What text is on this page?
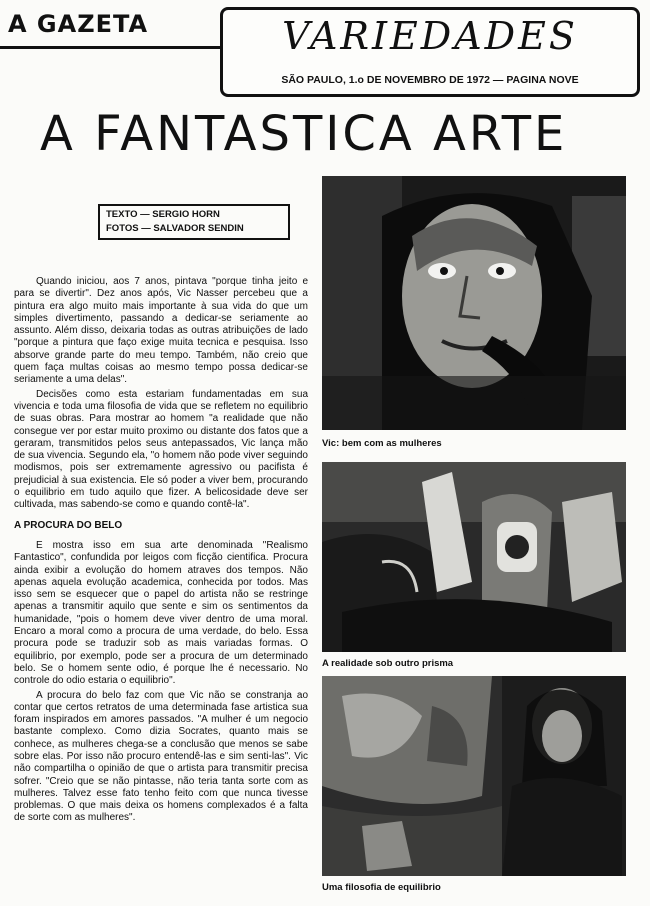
A GAZETA	VARIEDADES
SÃO PAULO, 1.o DE NOVEMBRO DE 1972 — PAGINA NOVE
A FANTASTICA ARTE
TEXTO — SERGIO HORN
FOTOS — SALVADOR SENDIN

Quando iniciou, aos 7 anos, pintava "porque tinha jeito e para se divertir". Dez anos após, Vic Nasser percebeu que a pintura era algo muito mais importante à sua vida do que um simples divertimento, passando a dedicar-se seriamente ao assunto. Além disso, deixaria todas as outras atribuições de lado "porque a pintura que faço exige muita tecnica e pesquisa. Isso absorve grande parte do meu tempo. Também, não creio que quem faça multas coisas ao mesmo tempo possa dedicar-se seriamente a uma delas".

Decisões como esta estariam fundamentadas em sua vivencia e toda uma filosofia de vida que se refletem no equilibrio de suas obras. Para mostrar ao homem "a realidade que não consegue ver por estar muito proximo ou distante dos fatos que a geraram, transmitidos pelos seus antepassados, Vic lança mão de sua vivencia. Segundo ela, "o homem não pode viver seguindo modismos, pois ser extremamente agressivo ou pacifista é prejudicial à sua existencia. Ele só poder a viver bem, procurando o equilibrio em tudo aquilo que fizer. A belicosidade deve ser cultivada, mas sabendo-se como e quando contê-la".

A PROCURA DO BELO

E mostra isso em sua arte denominada "Realismo Fantastico", confundida por leigos com ficção cientifica. Procura ainda exibir a evolução do homem atraves dos tempos. Não apenas aquela evolução academica, conhecida por todos. Mas isso sem se esquecer que o papel do artista não se restringe apenas a transmitir aquilo que sente e sim os sentimentos da humanidade, "pois o homem deve viver dentro de uma moral. Encaro a moral como a procura de uma verdade, do belo. Essa procura pode se traduzir sob as mais variadas formas. O equilibrio, por exemplo, pode ser a procura de um determinado belo. Se o homem sente odio, é porque lhe é necessario. No controle do odio estaria o equilibrio".

A procura do belo faz com que Vic não se constranja ao contar que certos retratos de uma determinada fase artistica sua foram inspirados em amores passados. "A mulher é um negocio bastante complexo. Como dizia Socrates, quanto mais se conhece, as mulheres chega-se a conclusão que menos se sabe sobre elas. Por isso não procuro entendê-las e sim senti-las". Vic não compartilha o opinião de que o artista para transmitir precisa sofrer. "Creio que se não pintasse, não teria tanta sorte com as mulheres. Talvez esse fato tenho feito com que nunca tivesse problemas. O que mais deixa os homens complexados é a falta de sorte com as mulheres".

Vic: bem com as mulheres
A realidade sob outro prisma
Uma filosofia de equilibrio
